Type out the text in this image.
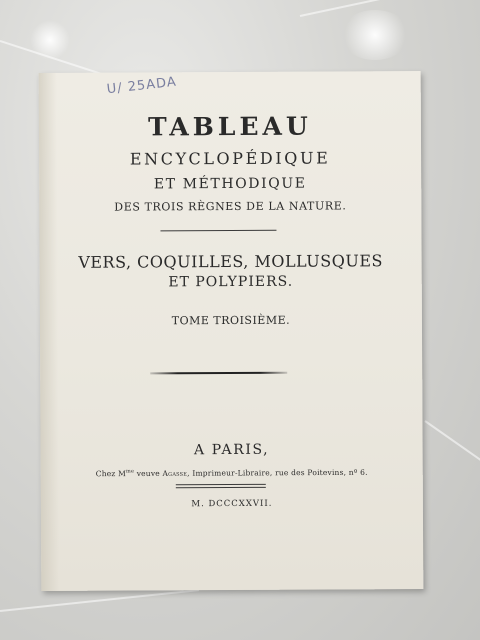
U/ 25ADA
TABLEAU
ENCYCLOPÉDIQUE
ET MÉTHODIQUE
DES TROIS RÈGNES DE LA NATURE.
VERS, COQUILLES, MOLLUSQUES
ET POLYPIERS.
TOME TROISIÈME.
A PARIS,
Chez $M^{me}$ veuve Agasse, Imprimeur-Libraire, rue des Poitevins, nº 6.
M. DCCCXXVII.
